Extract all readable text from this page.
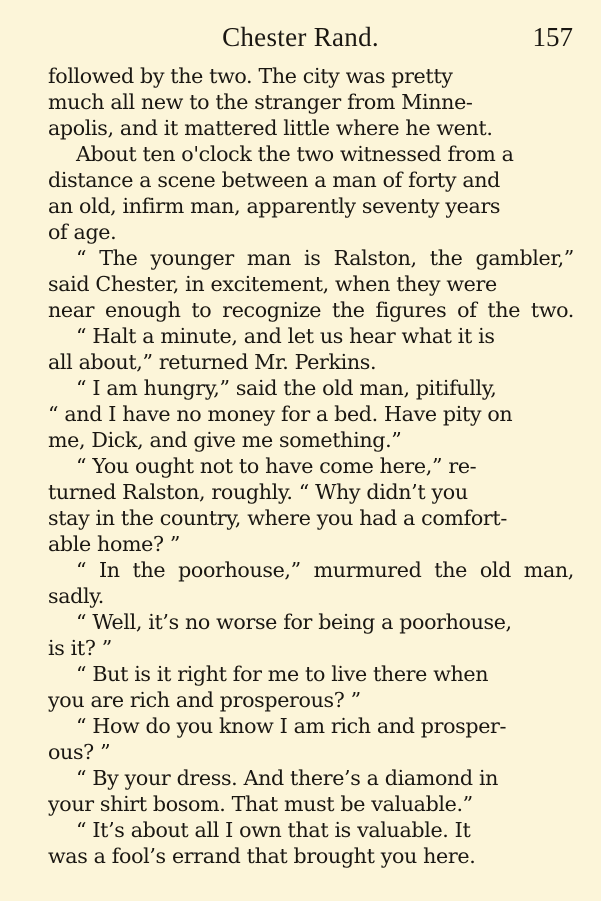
Chester Rand.	157
followed by the two. The city was pretty
much all new to the stranger from Minne-
apolis, and it mattered little where he went.
About ten o'clock the two witnessed from a
distance a scene between a man of forty and
an old, infirm man, apparently seventy years
of age.
“ The younger man is Ralston, the gambler,”
said Chester, in excitement, when they were
near enough to recognize the figures of the two.
“ Halt a minute, and let us hear what it is
all about,” returned Mr. Perkins.
“ I am hungry,” said the old man, pitifully,
“ and I have no money for a bed. Have pity on
me, Dick, and give me something.”
“ You ought not to have come here,” re-
turned Ralston, roughly. “ Why didn’t you
stay in the country, where you had a comfort-
able home? ”
“ In the poorhouse,” murmured the old man,
sadly.
“ Well, it’s no worse for being a poorhouse,
is it? ”
“ But is it right for me to live there when
you are rich and prosperous? ”
“ How do you know I am rich and prosper-
ous? ”
“ By your dress. And there’s a diamond in
your shirt bosom. That must be valuable.”
“ It’s about all I own that is valuable. It
was a fool’s errand that brought you here.
